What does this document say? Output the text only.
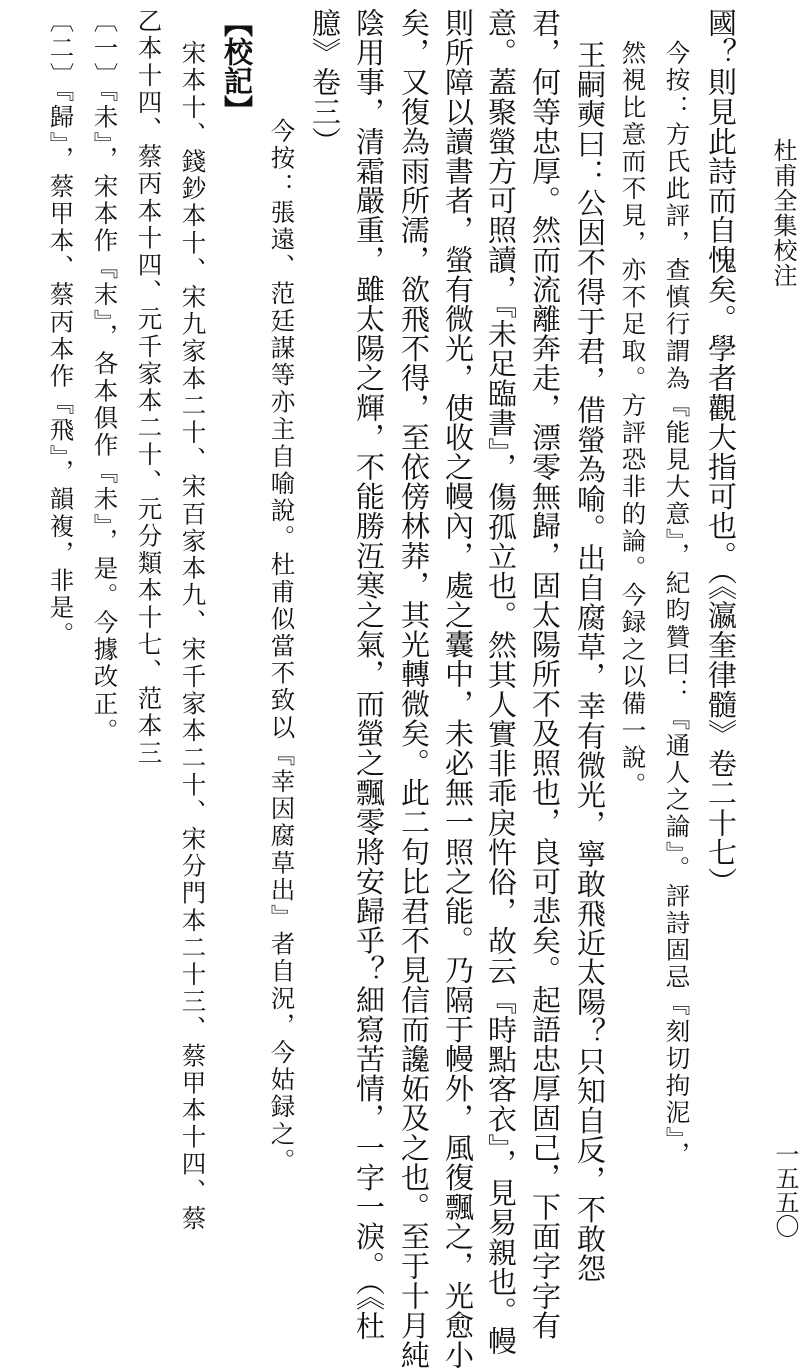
杜甫全集校注
一五五〇
國？則見此詩而自愧矣。學者觀大指可也。（《瀛奎律髓》卷二十七）
今按：方氏此評，查慎行謂為『能見大意』，紀昀贊曰：『通人之論』。評詩固忌『刻切拘泥』，
然視比意而不見，亦不足取。方評恐非的論。今録之以備一說。
王嗣奭曰：公因不得于君，借螢為喻。出自腐草，幸有微光，寧敢飛近太陽？只知自反，不敢怨
君，何等忠厚。然而流離奔走，漂零無歸，固太陽所不及照也，良可悲矣。起語忠厚固己，下面字字有
意。蓋聚螢方可照讀，『未足臨書』，傷孤立也。然其人實非乖戾忤俗，故云『時點客衣』，見易親也。幔
則所障以讀書者，螢有微光，使收之幔內，處之囊中，未必無一照之能。乃隔于幔外，風復飄之，光愈小
矣，又復為雨所濡，欲飛不得，至依傍林莽，其光轉微矣。此二句比君不見信而讒妬及之也。至于十月純
陰用事，清霜嚴重，雖太陽之輝，不能勝沍寒之氣，而螢之飄零將安歸乎？細寫苦情，一字一淚。（《杜
臆》卷三）
今按：張遠、范廷謀等亦主自喻說。杜甫似當不致以『幸因腐草出』者自況，今姑録之。
【校記】
宋本十、錢鈔本十、宋九家本二十、宋百家本九、宋千家本二十、宋分門本二十三、蔡甲本十四、蔡
乙本十四、蔡丙本十四、元千家本二十、元分類本十七、范本三
〔一〕『未』，宋本作『末』，各本俱作『未』，是。今據改正。
〔二〕『歸』，蔡甲本、蔡丙本作『飛』，韻複，非是。
